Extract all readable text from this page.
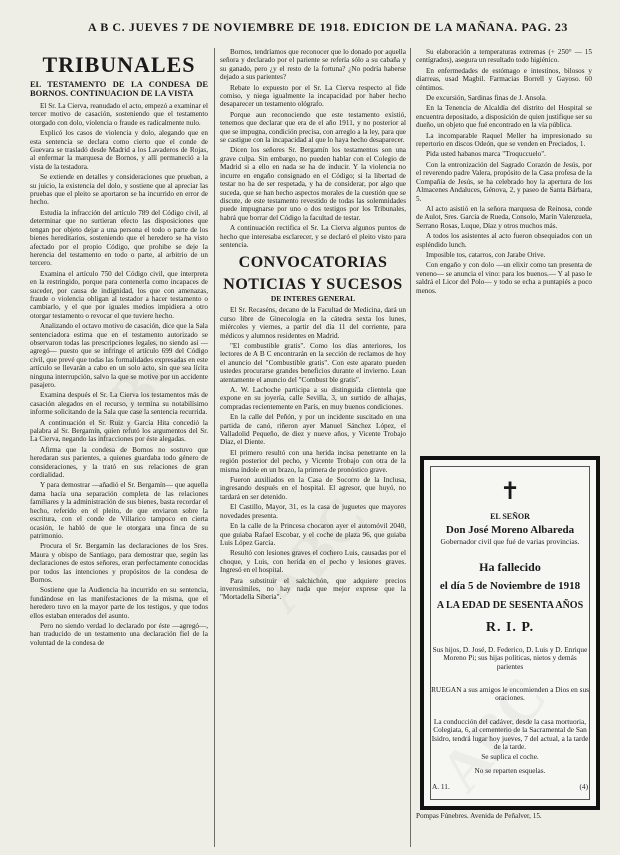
A B C. JUEVES 7 DE NOVIEMBRE DE 1918. EDICION DE LA MAÑANA. PAG. 23
TRIBUNALES
EL TESTAMENTO DE LA CONDESA DE BORNOS. CONTINUACION DE LA VISTA

El Sr. La Cierva, reanudado el acto, empezó a examinar el tercer motivo de casación, sosteniendo que el testamento otorgado con dolo, violencia o fraude es radicalmente nulo.

Explicó los casos de violencia y dolo, alegando que en esta sentencia se declara como cierto que el conde de Guevara se trasladó desde Madrid a los Lavaderos de Rojas, al enfermar la marquesa de Bornos, y allí permaneció a la vista de la testadora.

Se extiende en detalles y consideraciones que prueban, a su juicio, la existencia del dolo, y sostiene que al apreciar las pruebas que el pleito se aportaron se ha incurrido en error de hecho.

Estudia la infracción del artículo 789 del Código civil, al determinar que no surtieran efecto las disposiciones que tengan por objeto dejar a una persona el todo o parte de los bienes hereditarios, sosteniendo que el heredero se ha visto afectado por el propio Código, que prohibe se deje la herencia del testamento en todo o parte, al arbitrio de un tercero.

Examina el artículo 750 del Código civil, que interpreta en la restringido, porque para contenerla como incapaces de suceder, por causa de indignidad, los que con amenazas, fraude o violencia obligan al testador a hacer testamento o cambiarlo, y el que por iguales medios impidiera a otro otorgar testamento o revocar el que tuviere hecho.

Analizando el octavo motivo de casación, dice que la Sala sentenciadora estima que en el testamento autorizado se observaron todas las prescripciones legales, no siendo así —agregó— puesto que se infringe el artículo 699 del Código civil, que prevé que todas las formalidades expresadas en este artículo se llevarán a cabo en un solo acto, sin que sea lícita ninguna interrupción, salvo la que se motive por un accidente pasajero.

Examina después el Sr. La Cierva los testamentos más de casación alegados en el recurso, y termina su notabilísimo informe solicitando de la Sala que case la sentencia recurrida.

A continuación el Sr. Ruiz y García Hita concedió la palabra al Sr. Bergamín, quien refutó los argumentos del Sr. La Cierva, negando las infracciones por éste alegadas.

Afirma que la condesa de Bornos no sostuvo que heredaran sus parientes, a quienes guardaba todo género de consideraciones, y la trató en sus relaciones de gran cordialidad.

Y para demostrar —añadió el Sr. Bergamín— que aquella dama hacía una separación completa de las relaciones familiares y la administración de sus bienes, basta recordar el hecho, referido en el pleito, de que enviaron sobre la escritura, con el conde de Villarico tampoco en cierta ocasión, le habló de que le otorgara una finca de su patrimonio.

Procura el Sr. Bergamín las declaraciones de los Sres. Maura y obispo de Santiago, para demostrar que, según las declaraciones de estos señores, eran perfectamente conocidas por todos las intenciones y propósitos de la condesa de Bornos.

Sostiene que la Audiencia ha incurrido en su sentencia, fundándose en las manifestaciones de la misma, que el heredero tuvo en la mayor parte de los testigos, y que todos ellos estaban enterados del asunto.

Pero no siendo verdad lo declarado por éste —agregó—, han traducido de un testamento una declaración fiel de la voluntad de la condesa de

Bornos, tendríamos que reconocer que lo donado por aquella señora y declarado por el pariente se refería sólo a su cabaña y su ganado, pero ¿y el resto de la fortuna? ¿No podría haberse dejado a sus parientes?

Rebate lo expuesto por el Sr. La Cierva respecto al fide comiso, y niega igualmente la incapacidad por haber hecho desaparecer un testamento ológrafo.

Porque aun reconociendo que este testamento existió, tenemos que declarar que era de el año 1911, y no posterior al que se impugna, condición precisa, con arreglo a la ley, para que se castigue con la incapacidad al que lo haya hecho desaparecer.

Dicen los señores Sr. Bergamín los testamentos son una grave culpa. Sin embargo, no pueden hablar con el Colegio de Madrid si a ello en nada se ha de inducir. Y la violencia no incurre en engaño consignado en el Código; si la libertad de testar no ha de ser respetada, y ha de considerar, por algo que suceda, que se han hecho aspectos morales de la cuestión que se discute, de este testamento revestido de todas las solemnidades puede impugnarse por uno o dos testigos por los Tribunales, habrá que borrar del Código la facultad de testar.

A continuación rectifica el Sr. La Cierva algunos puntos de hecho que interesaba esclarecer, y se declaró el pleito visto para sentencia.

CONVOCATORIAS
NOTICIAS Y SUCESOS
DE INTERES GENERAL

El Sr. Recaséns, decano de la Facultad de Medicina, dará un curso libre de Ginecología en la cátedra sexta los lunes, miércoles y viernes, a partir del día 11 del corriente, para médicos y alumnos residentes en Madrid.

"El combustible gratis". Como los días anteriores, los lectores de A B C encontrarán en la sección de reclamos de hoy el anuncio del "Combustible gratis". Con este aparato pueden ustedes procurarse grandes beneficios durante el invierno. Lean atentamente el anuncio del "Combust ble gratis".

A. W. Lachoche participa a su distinguida clientela que expone en su joyería, calle Sevilla, 3, un surtido de alhajas, compradas recientemente en París, en muy buenos condiciones.

En la calle del Peñón, y por un incidente suscitado en una partida de canó, riñeron ayer Manuel Sánchez López, el Valladolid Pequeño, de diez y nueve años, y Vicente Trobajo Díaz, el Diente.

El primero resultó con una herida incisa penetrante en la región posterior del pecho, y Vicente Trobajo con otra de la misma índole en un brazo, la primera de pronóstico grave.

Fueron auxiliados en la Casa de Socorro de la Inclusa, ingresando después en el hospital. El agresor, que huyó, no tardará en ser detenido.

El Castillo, Mayor, 31, es la casa de juguetes que mayores novedades presenta.

En la calle de la Princesa chocaron ayer el automóvil 2040, que guiaba Rafael Escobar, y el coche de plaza 96, que guiaba Luis López García.

Resultó con lesiones graves el cochero Luis, causadas por el choque, y Luis, con herida en el pecho y lesiones graves. Ingresó en el hospital.

Para substituir el salchichón, que adquiere precios inverosímiles, no hay nada que mejor exprese que la "Mortadella Siberia".

Su elaboración a temperaturas extremas (+ 250° — 15 centígrados), asegura un resultado todo higiénico.

En enfermedades de estómago e intestinos, bilosos y diarreas, usad Magbil. Farmacias Borrell y Gayoso. 60 céntimos.

De excursión, Sardinas finas de J. Ansola.

En la Tenencia de Alcaldía del distrito del Hospital se encuentra depositado, a disposición de quien justifique ser su dueño, un objeto que fué encontrado en la vía pública.

La incomparable Raquel Meller ha impresionado su repertorio en discos Odeón, que se venden en Preciados, 1.

Pida usted habanos marca "Troquccuelo".

Con la entronización del Sagrado Corazón de Jesús, por el reverendo padre Valera, propósito de la Casa profesa de la Compañía de Jesús, se ha celebrado hoy la apertura de los Almacenes Andaluces, Génova, 2, y paseo de Santa Bárbara, 5.

Al acto asistió en la señora marquesa de Reinosa, conde de Aulot, Sres. García de Rueda, Consolo, Marín Valenzuela, Serrano Rosas, Luque, Díaz y otros muchos más.

A todos los asistentes al acto fueron obsequiados con un espléndido lunch.

Imposible tos, catarros, con Jarabe Orive.

Con engaño y con dolo —un elixir como tan presenta de veneno— se anuncia el vino: para los buenos.— Y al paso le saldrá el Licor del Polo— y todo se echa a puntapiés a poco menos.

✝
EL SEÑOR
Don José Moreno Albareda
Gobernador civil que fué de varias provincias.
Ha fallecido
el día 5 de Noviembre de 1918
A LA EDAD DE SESENTA AÑOS
R. I. P.
Sus hijos, D. José, D. Federico, D. Luis y D. Enrique Moreno Pi; sus hijas políticas, nietos y demás parientes
RUEGAN a sus amigos le encomienden a Dios en sus oraciones.
La conducción del cadáver, desde la casa mortuoria, Colegiata, 6, al cementerio de la Sacramental de San Isidro, tendrá lugar hoy jueves, 7 del actual, a la tarde de la tarde.
Se suplica el coche.
No se reparten esquelas.
A. 11.	(4)
Pompas Fúnebres. Avenida de Peñalver, 15.
